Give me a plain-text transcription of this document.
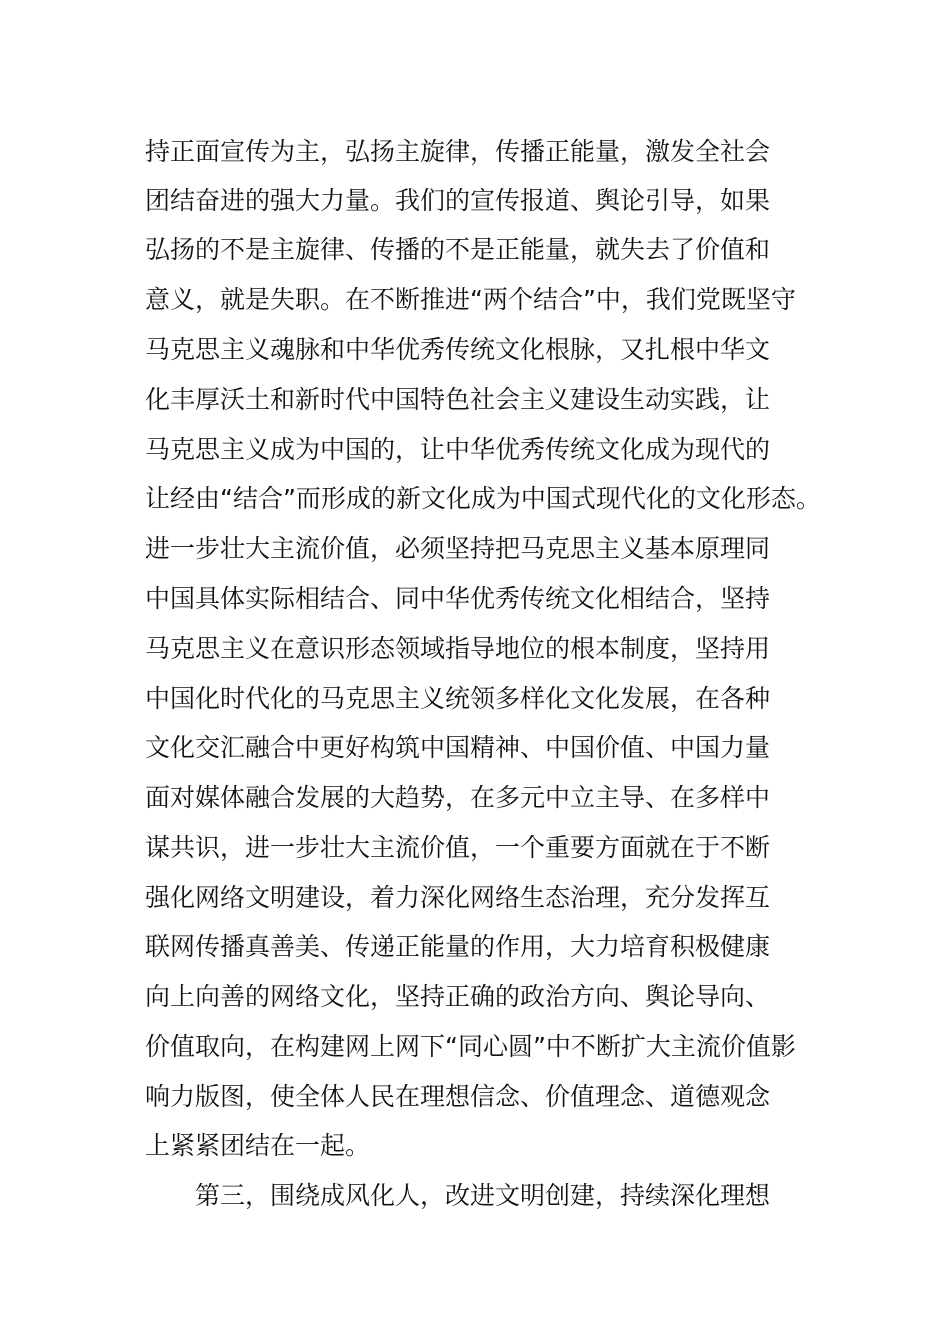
持正面宣传为主，弘扬主旋律，传播正能量，激发全社会
团结奋进的强大力量。我们的宣传报道、舆论引导，如果
弘扬的不是主旋律、传播的不是正能量，就失去了价值和
意义，就是失职。在不断推进“两个结合”中，我们党既坚守
马克思主义魂脉和中华优秀传统文化根脉，又扎根中华文
化丰厚沃土和新时代中国特色社会主义建设生动实践，让
马克思主义成为中国的，让中华优秀传统文化成为现代的
让经由“结合”而形成的新文化成为中国式现代化的文化形态。
进一步壮大主流价值，必须坚持把马克思主义基本原理同
中国具体实际相结合、同中华优秀传统文化相结合，坚持
马克思主义在意识形态领域指导地位的根本制度，坚持用
中国化时代化的马克思主义统领多样化文化发展，在各种
文化交汇融合中更好构筑中国精神、中国价值、中国力量
面对媒体融合发展的大趋势，在多元中立主导、在多样中
谋共识，进一步壮大主流价值，一个重要方面就在于不断
强化网络文明建设，着力深化网络生态治理，充分发挥互
联网传播真善美、传递正能量的作用，大力培育积极健康
向上向善的网络文化，坚持正确的政治方向、舆论导向、
价值取向，在构建网上网下“同心圆”中不断扩大主流价值影
响力版图，使全体人民在理想信念、价值理念、道德观念
上紧紧团结在一起。
第三，围绕成风化人，改进文明创建，持续深化理想
